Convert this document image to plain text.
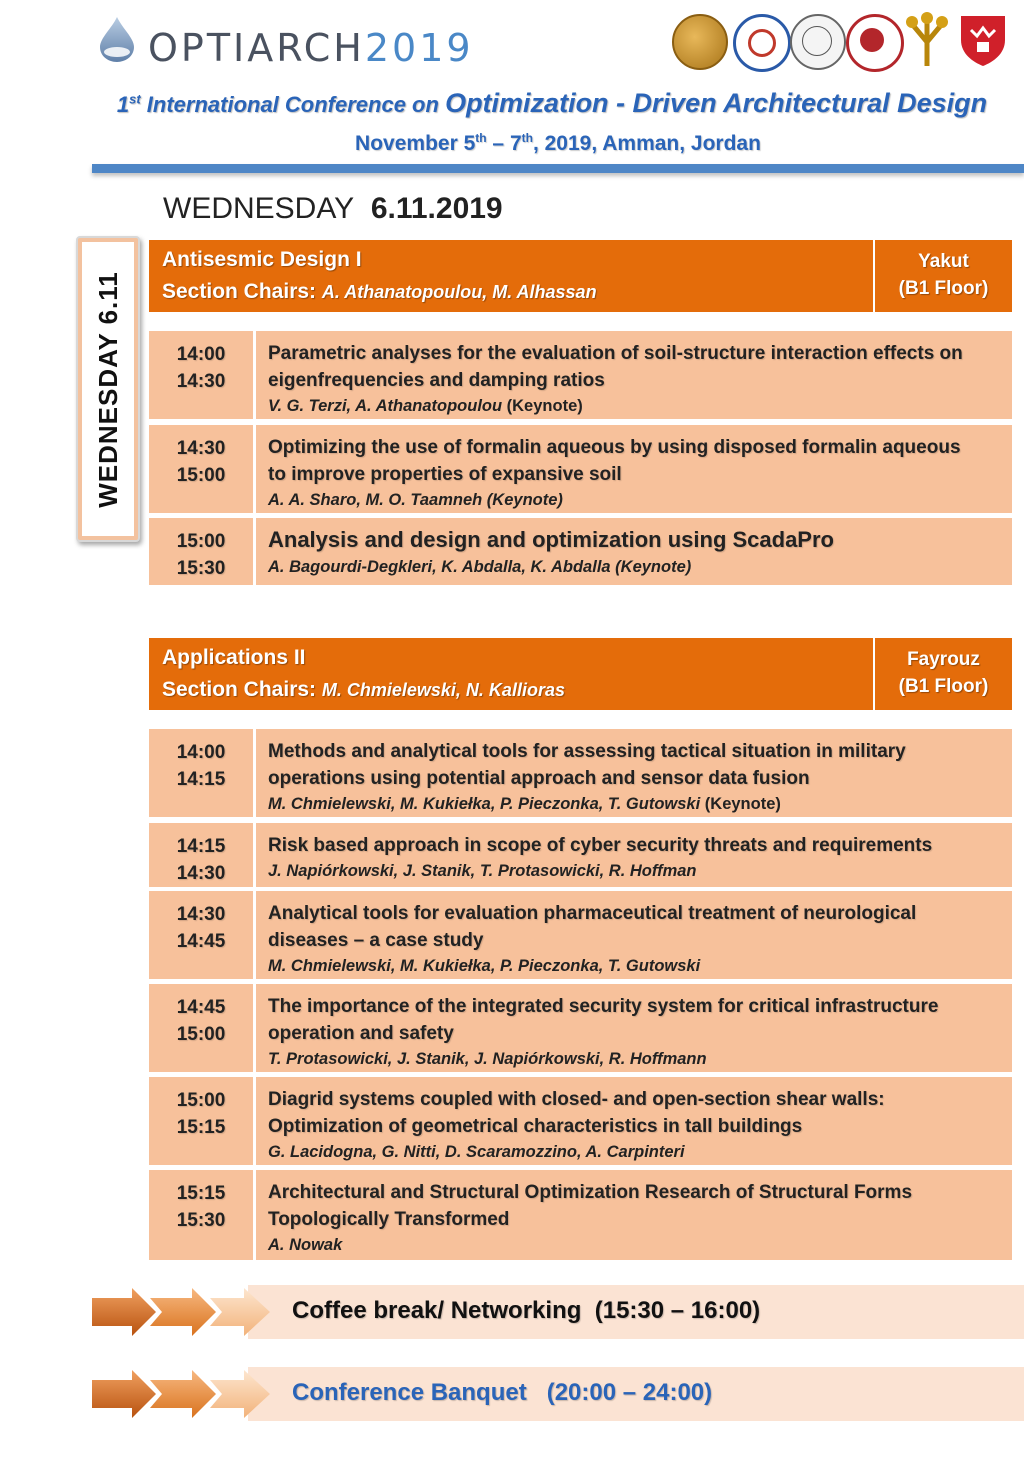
OPTIARCH2019
1st International Conference on Optimization - Driven Architectural Design
November 5th – 7th, 2019, Amman, Jordan
WEDNESDAY 6.11.2019
WEDNESDAY 6.11
Antisesmic Design I
Section Chairs: A. Athanatopoulou, M. Alhassan
Yakut
(B1 Floor)
14:00
14:30
Parametric analyses for the evaluation of soil-structure interaction effects on
eigenfrequencies and damping ratios
V. G. Terzi, A. Athanatopoulou (Keynote)
14:30
15:00
Optimizing the use of formalin aqueous by using disposed formalin aqueous
to improve properties of expansive soil
A. A. Sharo, M. O. Taamneh (Keynote)
15:00
15:30
Analysis and design and optimization using ScadaPro
A. Bagourdi-Degkleri, K. Abdalla, K. Abdalla (Keynote)
Applications II
Section Chairs: M. Chmielewski, N. Kallioras
Fayrouz
(B1 Floor)
14:00
14:15
Methods and analytical tools for assessing tactical situation in military
operations using potential approach and sensor data fusion
M. Chmielewski, M. Kukiełka, P. Pieczonka, T. Gutowski (Keynote)
14:15
14:30
Risk based approach in scope of cyber security threats and requirements
J. Napiórkowski, J. Stanik, T. Protasowicki, R. Hoffman
14:30
14:45
Analytical tools for evaluation pharmaceutical treatment of neurological
diseases – a case study
M. Chmielewski, M. Kukiełka, P. Pieczonka, T. Gutowski
14:45
15:00
The importance of the integrated security system for critical infrastructure
operation and safety
T. Protasowicki, J. Stanik, J. Napiórkowski, R. Hoffmann
15:00
15:15
Diagrid systems coupled with closed- and open-section shear walls:
Optimization of geometrical characteristics in tall buildings
G. Lacidogna, G. Nitti, D. Scaramozzino, A. Carpinteri
15:15
15:30
Architectural and Structural Optimization Research of Structural Forms
Topologically Transformed
A. Nowak
Coffee break/ Networking  (15:30 – 16:00)
Conference Banquet   (20:00 – 24:00)
